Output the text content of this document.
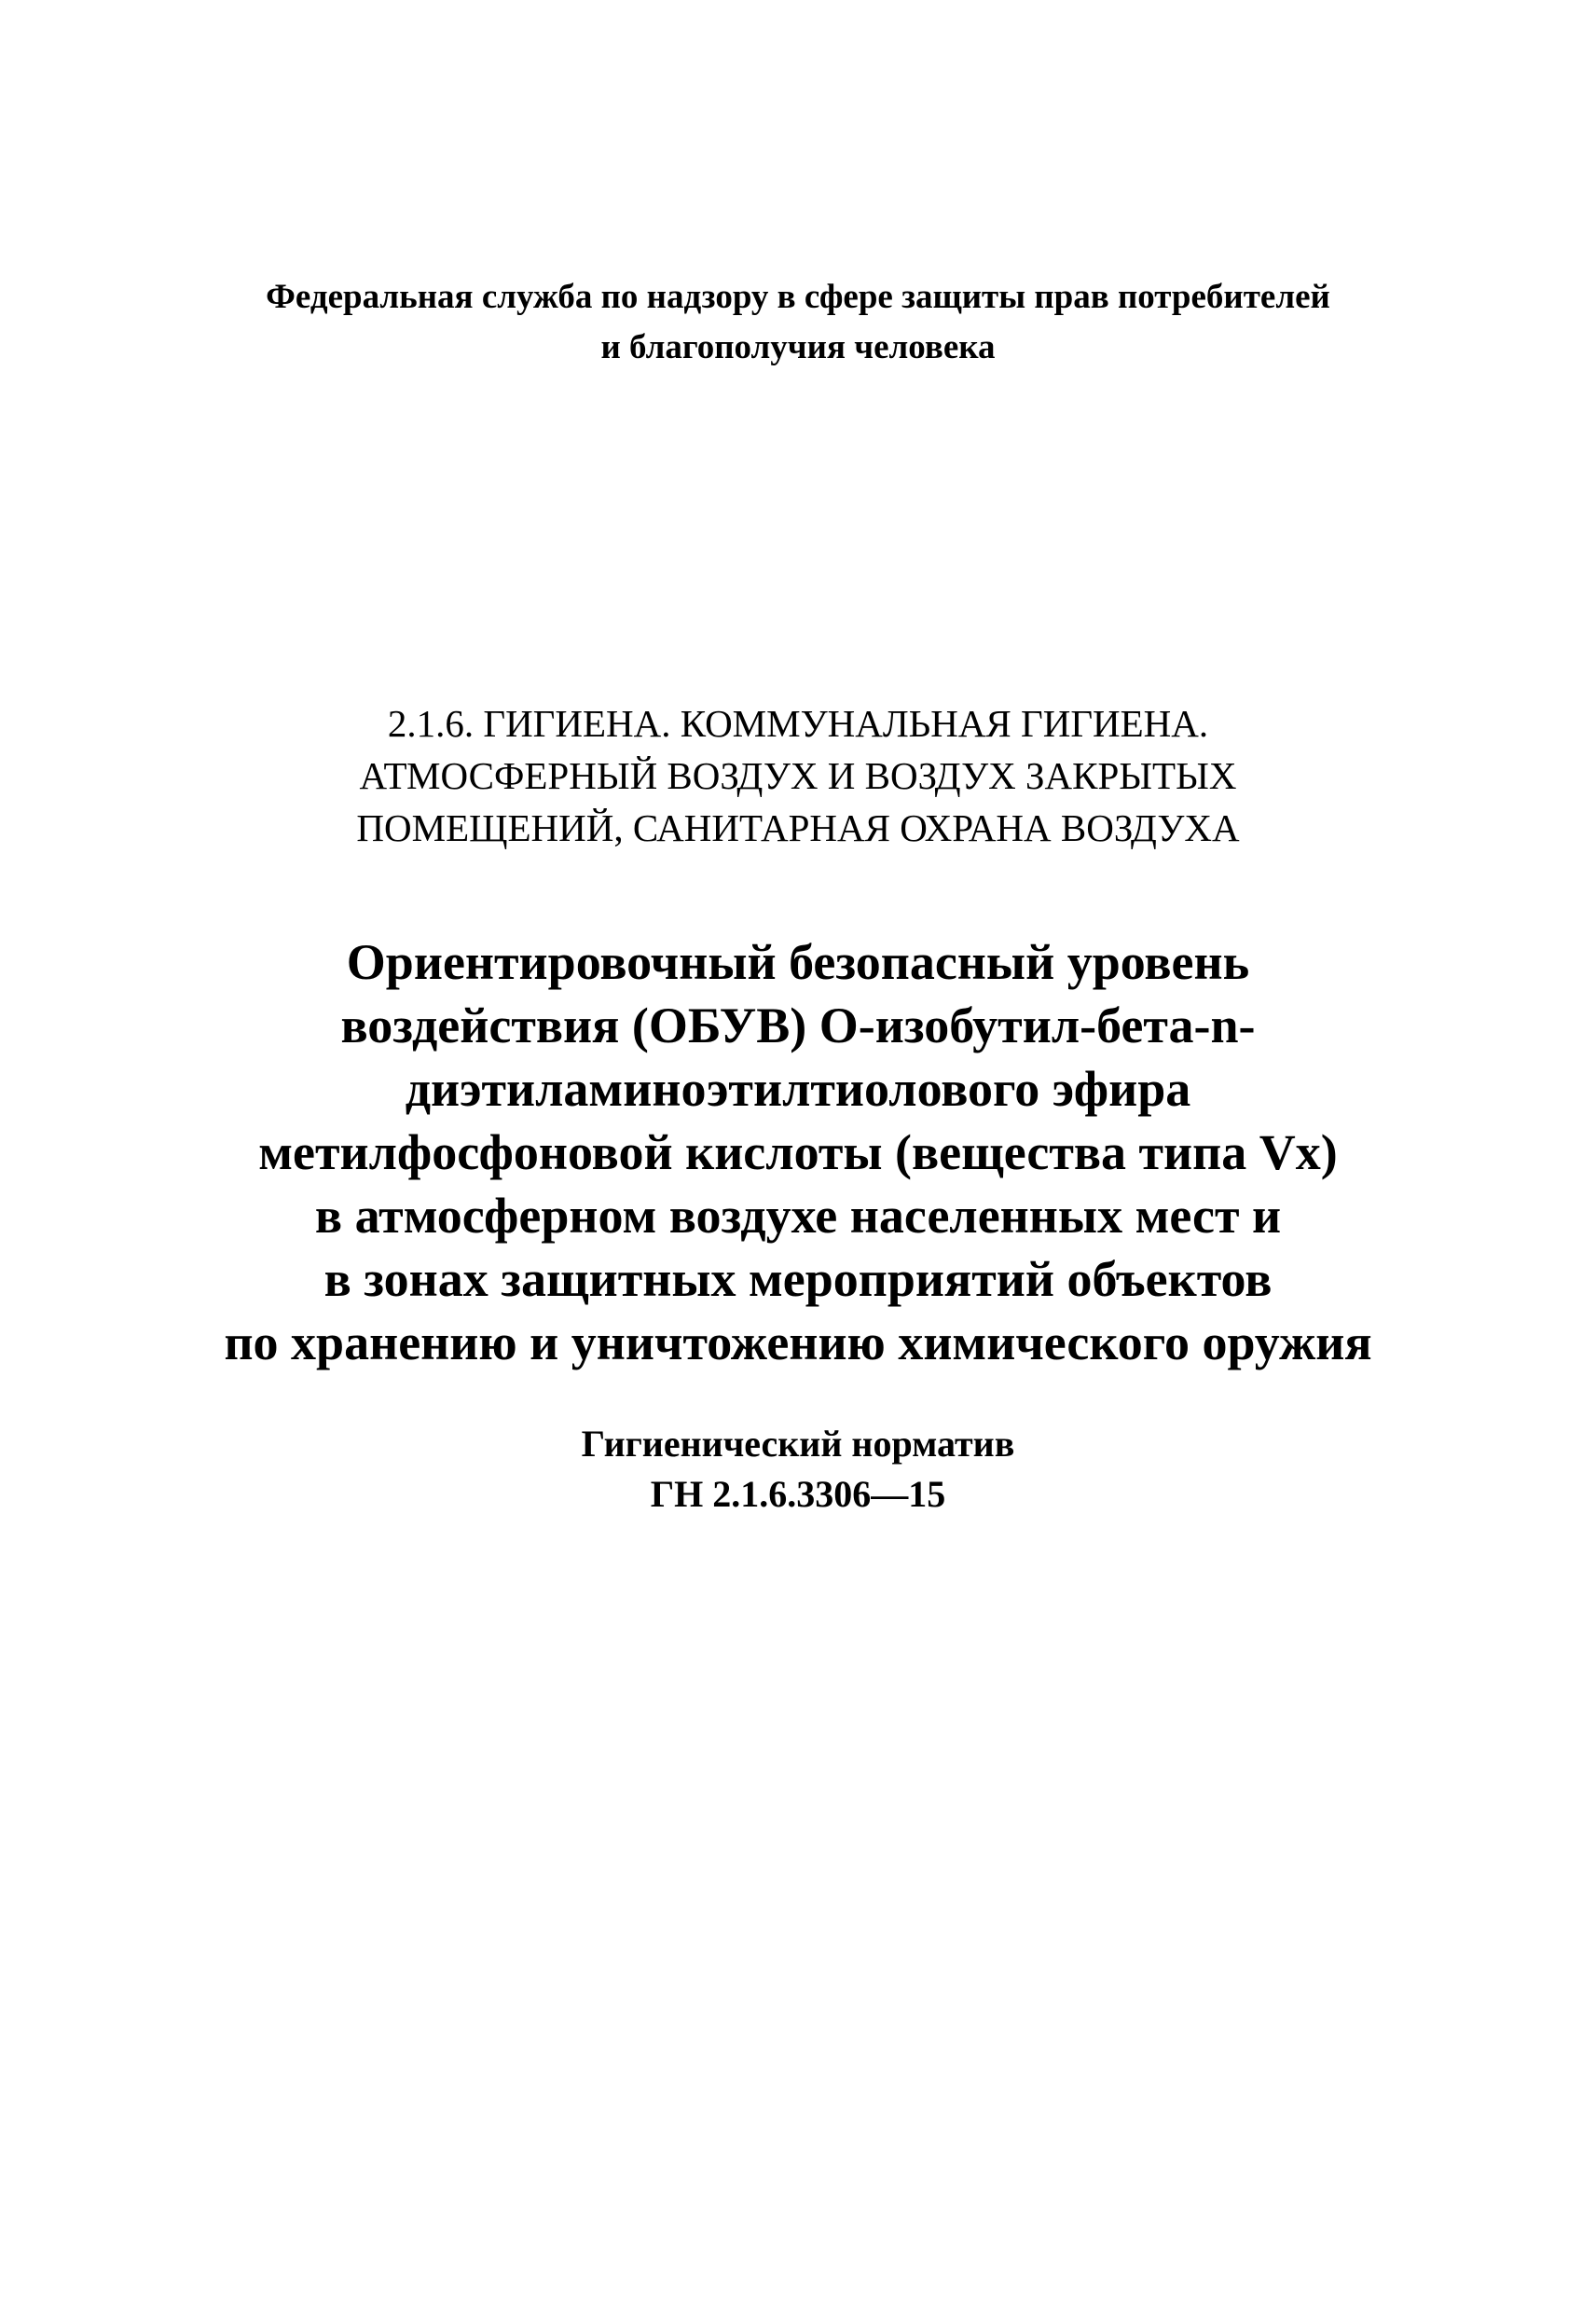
Федеральная служба по надзору в сфере защиты прав потребителей
и благополучия человека
2.1.6. ГИГИЕНА. КОММУНАЛЬНАЯ ГИГИЕНА.
АТМОСФЕРНЫЙ ВОЗДУХ И ВОЗДУХ ЗАКРЫТЫХ
ПОМЕЩЕНИЙ, САНИТАРНАЯ ОХРАНА ВОЗДУХА
Ориентировочный безопасный уровень
воздействия (ОБУВ) О-изобутил-бета-n-
диэтиламиноэтилтиолового эфира
метилфосфоновой кислоты (вещества типа Vx)
в атмосферном воздухе населенных мест и
в зонах защитных мероприятий объектов
по хранению и уничтожению химического оружия
Гигиенический норматив
ГН 2.1.6.3306—15
